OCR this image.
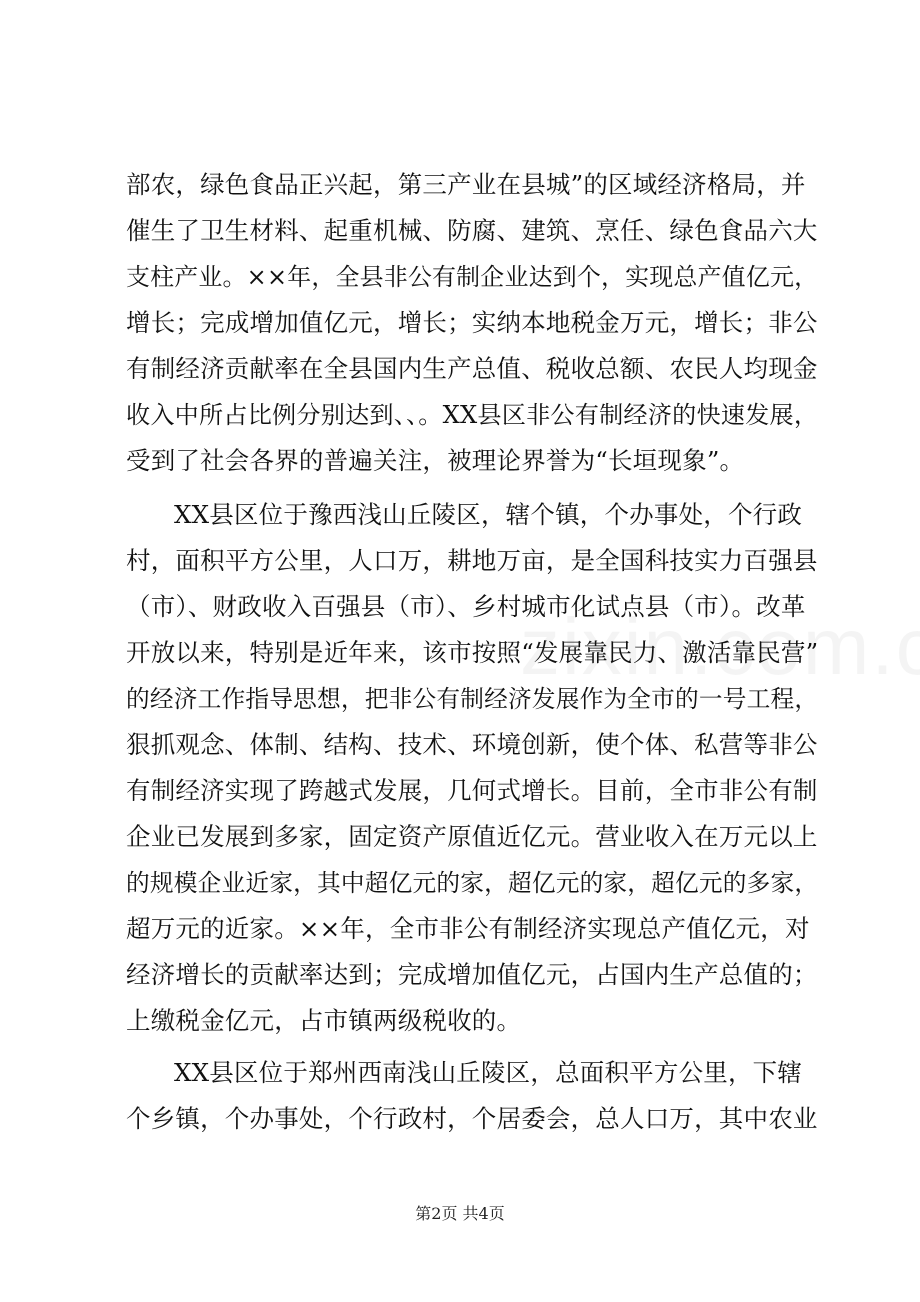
部农，绿色食品正兴起，第三产业在县城”的区域经济格局，并
催生了卫生材料、起重机械、防腐、建筑、烹任、绿色食品六大
支柱产业。××年，全县非公有制企业达到个，实现总产值亿元，
增长；完成增加值亿元，增长；实纳本地税金万元，增长；非公
有制经济贡献率在全县国内生产总值、税收总额、农民人均现金
收入中所占比例分别达到、、。XX县区非公有制经济的快速发展，
受到了社会各界的普遍关注，被理论界誉为“长垣现象”。
XX县区位于豫西浅山丘陵区，辖个镇，个办事处，个行政
村，面积平方公里，人口万，耕地万亩，是全国科技实力百强县
（市）、财政收入百强县（市）、乡村城市化试点县（市）。改革
开放以来，特别是近年来，该市按照“发展靠民力、激活靠民营”
的经济工作指导思想，把非公有制经济发展作为全市的一号工程，
狠抓观念、体制、结构、技术、环境创新，使个体、私营等非公
有制经济实现了跨越式发展，几何式增长。目前，全市非公有制
企业已发展到多家，固定资产原值近亿元。营业收入在万元以上
的规模企业近家，其中超亿元的家，超亿元的家，超亿元的多家，
超万元的近家。××年，全市非公有制经济实现总产值亿元，对
经济增长的贡献率达到；完成增加值亿元，占国内生产总值的；
上缴税金亿元，占市镇两级税收的。
XX县区位于郑州西南浅山丘陵区，总面积平方公里，下辖
个乡镇，个办事处，个行政村，个居委会，总人口万，其中农业
第2页 共4页
